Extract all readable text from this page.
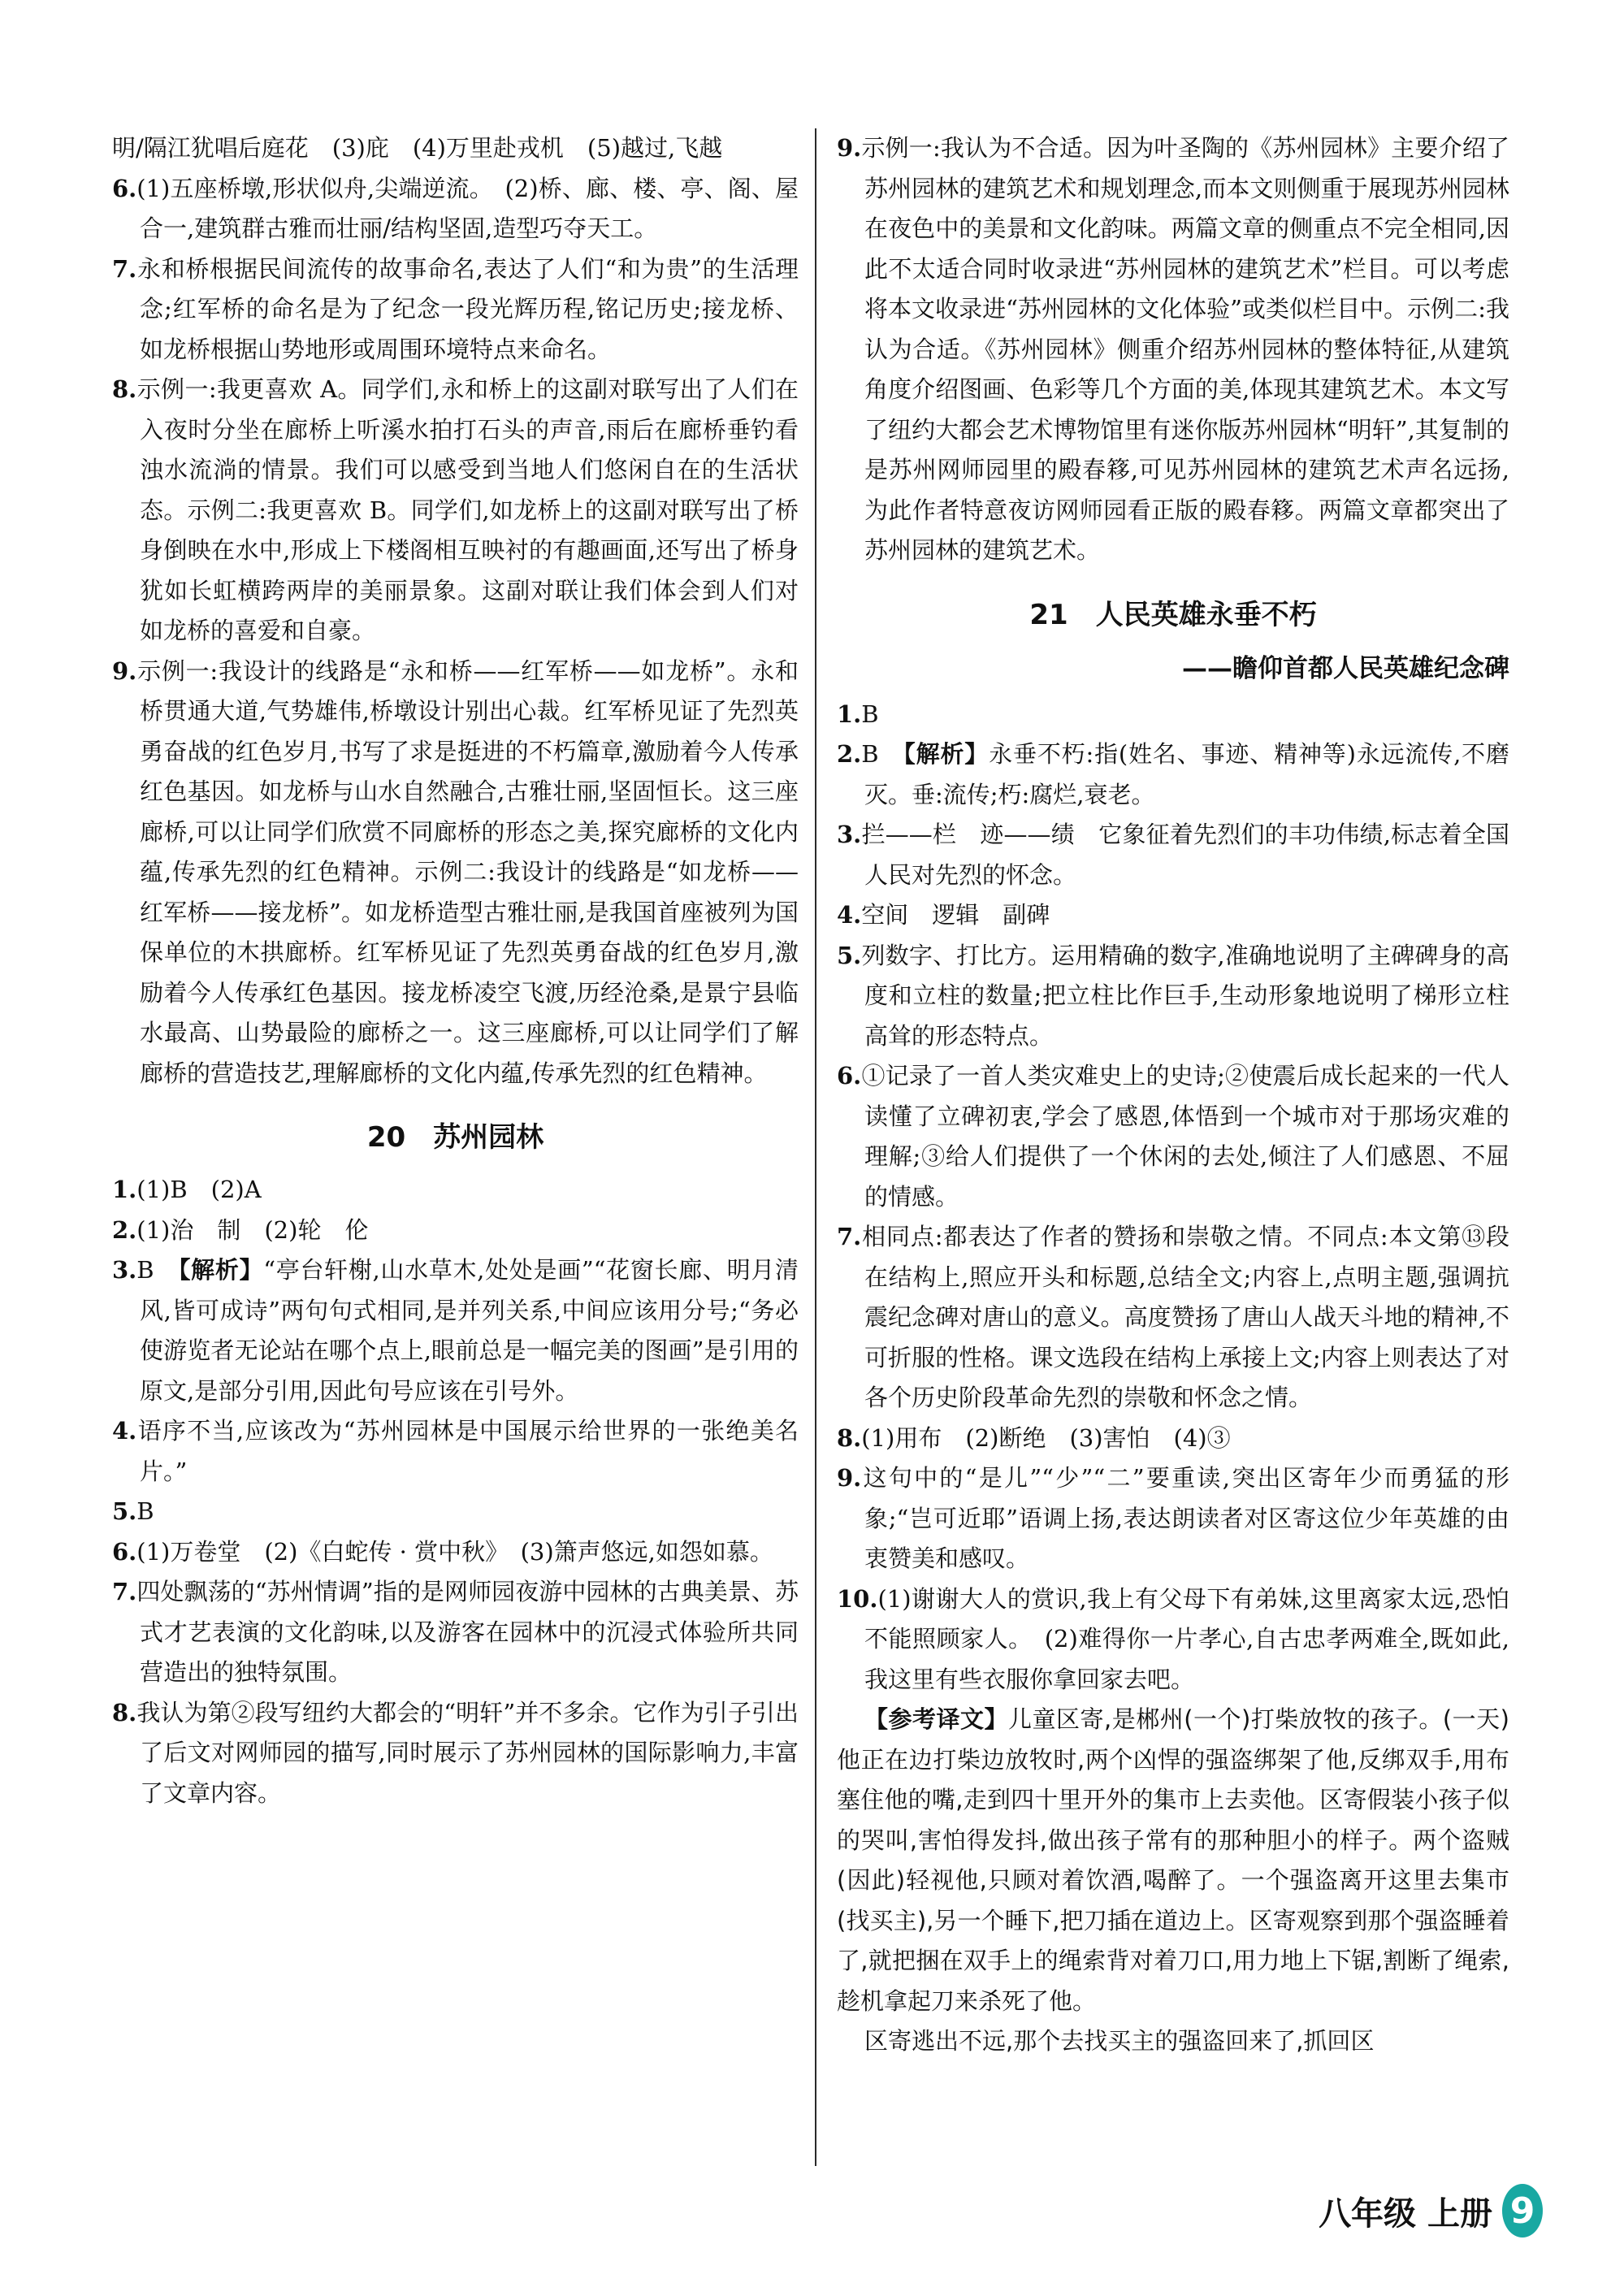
明/隔江犹唱后庭花　(3)庇　(4)万里赴戎机　(5)越过,飞越

6.(1)五座桥墩,形状似舟,尖端逆流。　(2)桥、廊、楼、亭、阁、屋合一,建筑群古雅而壮丽/结构坚固,造型巧夺天工。

7.永和桥根据民间流传的故事命名,表达了人们“和为贵”的生活理念;红军桥的命名是为了纪念一段光辉历程,铭记历史;接龙桥、如龙桥根据山势地形或周围环境特点来命名。

8.示例一:我更喜欢 A。同学们,永和桥上的这副对联写出了人们在入夜时分坐在廊桥上听溪水拍打石头的声音,雨后在廊桥垂钓看浊水流淌的情景。我们可以感受到当地人们悠闲自在的生活状态。示例二:我更喜欢 B。同学们,如龙桥上的这副对联写出了桥身倒映在水中,形成上下楼阁相互映衬的有趣画面,还写出了桥身犹如长虹横跨两岸的美丽景象。这副对联让我们体会到人们对如龙桥的喜爱和自豪。

9.示例一:我设计的线路是“永和桥——红军桥——如龙桥”。永和桥贯通大道,气势雄伟,桥墩设计别出心裁。红军桥见证了先烈英勇奋战的红色岁月,书写了求是挺进的不朽篇章,激励着今人传承红色基因。如龙桥与山水自然融合,古雅壮丽,坚固恒长。这三座廊桥,可以让同学们欣赏不同廊桥的形态之美,探究廊桥的文化内蕴,传承先烈的红色精神。示例二:我设计的线路是“如龙桥——红军桥——接龙桥”。如龙桥造型古雅壮丽,是我国首座被列为国保单位的木拱廊桥。红军桥见证了先烈英勇奋战的红色岁月,激励着今人传承红色基因。接龙桥凌空飞渡,历经沧桑,是景宁县临水最高、山势最险的廊桥之一。这三座廊桥,可以让同学们了解廊桥的营造技艺,理解廊桥的文化内蕴,传承先烈的红色精神。

20　苏州园林

1.(1)B　(2)A

2.(1)治　制　(2)轮　伦

3.B　【解析】“亭台轩榭,山水草木,处处是画”“花窗长廊、明月清风,皆可成诗”两句句式相同,是并列关系,中间应该用分号;“务必使游览者无论站在哪个点上,眼前总是一幅完美的图画”是引用的原文,是部分引用,因此句号应该在引号外。

4.语序不当,应该改为“苏州园林是中国展示给世界的一张绝美名片。”

5.B

6.(1)万卷堂　(2)《白蛇传 · 赏中秋》　(3)箫声悠远,如怨如慕。

7.四处飘荡的“苏州情调”指的是网师园夜游中园林的古典美景、苏式才艺表演的文化韵味,以及游客在园林中的沉浸式体验所共同营造出的独特氛围。

8.我认为第②段写纽约大都会的“明轩”并不多余。它作为引子引出了后文对网师园的描写,同时展示了苏州园林的国际影响力,丰富了文章内容。

9.示例一:我认为不合适。因为叶圣陶的《苏州园林》主要介绍了苏州园林的建筑艺术和规划理念,而本文则侧重于展现苏州园林在夜色中的美景和文化韵味。两篇文章的侧重点不完全相同,因此不太适合同时收录进“苏州园林的建筑艺术”栏目。可以考虑将本文收录进“苏州园林的文化体验”或类似栏目中。示例二:我认为合适。《苏州园林》侧重介绍苏州园林的整体特征,从建筑角度介绍图画、色彩等几个方面的美,体现其建筑艺术。本文写了纽约大都会艺术博物馆里有迷你版苏州园林“明轩”,其复制的是苏州网师园里的殿春簃,可见苏州园林的建筑艺术声名远扬,为此作者特意夜访网师园看正版的殿春簃。两篇文章都突出了苏州园林的建筑艺术。

21　人民英雄永垂不朽
——瞻仰首都人民英雄纪念碑

1.B

2.B　【解析】永垂不朽:指(姓名、事迹、精神等)永远流传,不磨灭。垂:流传;朽:腐烂,衰老。

3.拦——栏　迹——绩　它象征着先烈们的丰功伟绩,标志着全国人民对先烈的怀念。

4.空间　逻辑　副碑

5.列数字、打比方。运用精确的数字,准确地说明了主碑碑身的高度和立柱的数量;把立柱比作巨手,生动形象地说明了梯形立柱高耸的形态特点。

6.①记录了一首人类灾难史上的史诗;②使震后成长起来的一代人读懂了立碑初衷,学会了感恩,体悟到一个城市对于那场灾难的理解;③给人们提供了一个休闲的去处,倾注了人们感恩、不屈的情感。

7.相同点:都表达了作者的赞扬和崇敬之情。不同点:本文第⑬段在结构上,照应开头和标题,总结全文;内容上,点明主题,强调抗震纪念碑对唐山的意义。高度赞扬了唐山人战天斗地的精神,不可折服的性格。课文选段在结构上承接上文;内容上则表达了对各个历史阶段革命先烈的崇敬和怀念之情。

8.(1)用布　(2)断绝　(3)害怕　(4)③

9.这句中的“是儿”“少”“二”要重读,突出区寄年少而勇猛的形象;“岂可近耶”语调上扬,表达朗读者对区寄这位少年英雄的由衷赞美和感叹。

10.(1)谢谢大人的赏识,我上有父母下有弟妹,这里离家太远,恐怕不能照顾家人。　(2)难得你一片孝心,自古忠孝两难全,既如此,我这里有些衣服你拿回家去吧。

【参考译文】儿童区寄,是郴州(一个)打柴放牧的孩子。(一天)他正在边打柴边放牧时,两个凶悍的强盗绑架了他,反绑双手,用布塞住他的嘴,走到四十里开外的集市上去卖他。区寄假装小孩子似的哭叫,害怕得发抖,做出孩子常有的那种胆小的样子。两个盗贼(因此)轻视他,只顾对着饮酒,喝醉了。一个强盗离开这里去集市(找买主),另一个睡下,把刀插在道边上。区寄观察到那个强盗睡着了,就把捆在双手上的绳索背对着刀口,用力地上下锯,割断了绳索,趁机拿起刀来杀死了他。

区寄逃出不远,那个去找买主的强盗回来了,抓回区

八年级 上册 9
